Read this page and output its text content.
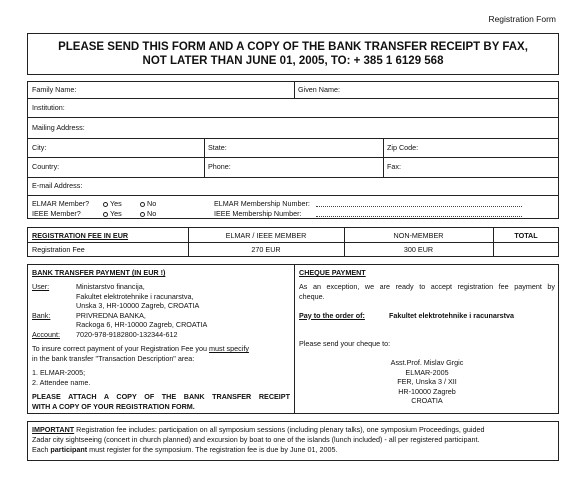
Registration Form
PLEASE SEND THIS FORM AND A COPY OF THE BANK TRANSFER RECEIPT BY FAX,
NOT LATER THAN JUNE 01, 2005, TO: + 385 1 6129 568
Family Name:	Given Name:
Institution:
Mailing Address:
City:	State:	Zip Code:
Country:	Phone:	Fax:
E-mail Address:
ELMAR Member?	Yes	No	ELMAR Membership Number:
IEEE Member?	Yes	No	IEEE Membership Number:
REGISTRATION FEE IN EUR	ELMAR / IEEE MEMBER	NON-MEMBER	TOTAL
Registration Fee	270 EUR	300 EUR
BANK TRANSFER PAYMENT (IN EUR !)
User:	Ministarstvo financija,
Fakultet elektrotehnike i racunarstva,
Unska 3, HR-10000 Zagreb, CROATIA
Bank:	PRIVREDNA BANKA,
Rackoga 6, HR-10000 Zagreb, CROATIA
Account: 7020-978-9182800-132344-612
To insure correct payment of your Registration Fee you must specify
in the bank transfer "Transaction Description" area:
1. ELMAR-2005;
2. Attendee name.
PLEASE ATTACH A COPY OF THE BANK TRANSFER RECEIPT
WITH A COPY OF YOUR REGISTRATION FORM.
CHEQUE PAYMENT
As an exception, we are ready to accept registration fee payment by
cheque.
Pay to the order of:	Fakultet elektrotehnike i racunarstva
Please send your cheque to:
Asst.Prof. Mislav Grgic
ELMAR-2005
FER, Unska 3 / XII
HR-10000 Zagreb
CROATIA
IMPORTANT Registration fee includes: participation on all symposium sessions (including plenary talks), one symposium Proceedings, guided
Zadar city sightseeing (concert in church planned) and excursion by boat to one of the islands (lunch included) - all per registered participant.
Each participant must register for the symposium. The registration fee is due by June 01, 2005.
